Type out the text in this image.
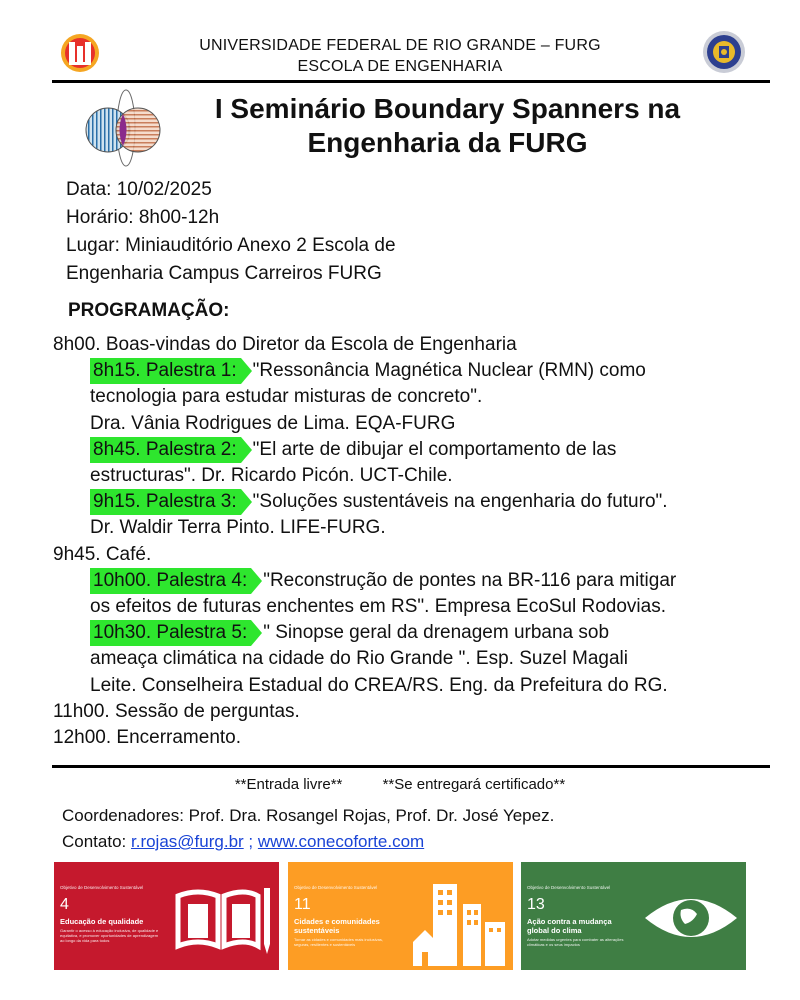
UNIVERSIDADE FEDERAL DE RIO GRANDE – FURG
ESCOLA DE ENGENHARIA
I Seminário Boundary Spanners na
Engenharia da FURG
Data: 10/02/2025
Horário: 8h00-12h
Lugar: Miniauditório Anexo 2 Escola de
Engenharia Campus Carreiros FURG
PROGRAMAÇÃO:
8h00. Boas-vindas do Diretor da Escola de Engenharia
8h15. Palestra 1: "Ressonância Magnética Nuclear (RMN) como
tecnologia para estudar misturas de concreto".
Dra. Vânia Rodrigues de Lima. EQA-FURG
8h45. Palestra 2: "El arte de dibujar el comportamento de las
estructuras". Dr. Ricardo Picón. UCT-Chile.
9h15. Palestra 3: "Soluções sustentáveis na engenharia do futuro".
Dr. Waldir Terra Pinto. LIFE-FURG.
9h45. Café.
10h00. Palestra 4: "Reconstrução de pontes na BR-116 para mitigar
os efeitos de futuras enchentes em RS". Empresa EcoSul Rodovias.
10h30. Palestra 5: " Sinopse geral da drenagem urbana sob
ameaça climática na cidade do Rio Grande ". Esp. Suzel Magali
Leite. Conselheira Estadual do CREA/RS. Eng. da Prefeitura do RG.
11h00. Sessão de perguntas.
12h00. Encerramento.
**Entrada livre**	**Se entregará certificado**
Coordenadores: Prof. Dra. Rosangel Rojas, Prof. Dr. José Yepez.
Contato: r.rojas@furg.br ; www.conecoforte.com
Objetivo de Desenvolvimento Sustentável
4
Educação de qualidade
Garantir o acesso à educação inclusiva, de qualidade e equitativa, e promover oportunidades de aprendizagem ao longo da vida para todos
Objetivo de Desenvolvimento Sustentável
11
Cidades e comunidades sustentáveis
Tornar as cidades e comunidades mais inclusivas, seguras, resilientes e sustentáveis
Objetivo de Desenvolvimento Sustentável
13
Ação contra a mudança global do clima
Adotar medidas urgentes para combater as alterações climáticas e os seus impactos
